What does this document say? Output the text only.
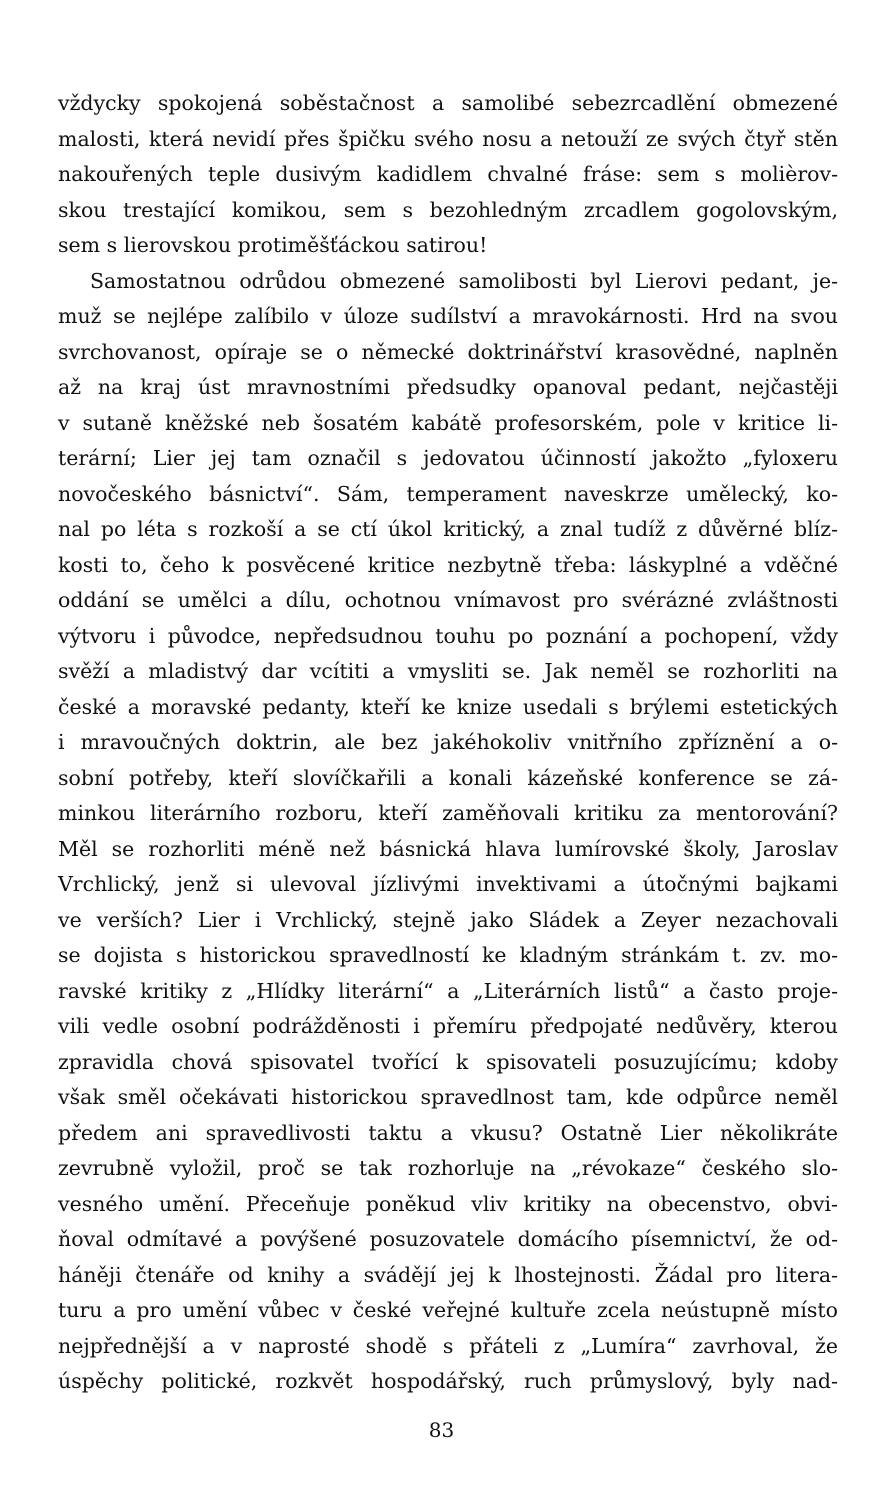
vždycky spokojená soběstačnost a samolibé sebezrcadlění obmezené
malosti, která nevidí přes špičku svého nosu a netouží ze svých čtyř stěn
nakouřených teple dusivým kadidlem chvalné fráse: sem s molièrov-
skou trestající komikou, sem s bezohledným zrcadlem gogolovským,
sem s lierovskou protiměšťáckou satirou!
Samostatnou odrůdou obmezené samolibosti byl Lierovi pedant, je-
muž se nejlépe zalíbilo v úloze sudílství a mravokárnosti. Hrd na svou
svrchovanost, opíraje se o německé doktrinářství krasovědné, naplněn
až na kraj úst mravnostními předsudky opanoval pedant, nejčastěji
v sutaně kněžské neb šosatém kabátě profesorském, pole v kritice li-
terární; Lier jej tam označil s jedovatou účinností jakožto „fyloxeru
novočeského básnictví“. Sám, temperament naveskrze umělecký, ko-
nal po léta s rozkoší a se ctí úkol kritický, a znal tudíž z důvěrné blíz-
kosti to, čeho k posvěcené kritice nezbytně třeba: láskyplné a vděčné
oddání se umělci a dílu, ochotnou vnímavost pro svérázné zvláštnosti
výtvoru i původce, nepředsudnou touhu po poznání a pochopení, vždy
svěží a mladistvý dar vcítiti a vmysliti se. Jak neměl se rozhorliti na
české a moravské pedanty, kteří ke knize usedali s brýlemi estetických
i mravoučných doktrin, ale bez jakéhokoliv vnitřního zpříznění a o-
sobní potřeby, kteří slovíčkařili a konali kázeňské konference se zá-
minkou literárního rozboru, kteří zaměňovali kritiku za mentorování?
Měl se rozhorliti méně než básnická hlava lumírovské školy, Jaroslav
Vrchlický, jenž si ulevoval jízlivými invektivami a útočnými bajkami
ve verších? Lier i Vrchlický, stejně jako Sládek a Zeyer nezachovali
se dojista s historickou spravedlností ke kladným stránkám t. zv. mo-
ravské kritiky z „Hlídky literární“ a „Literárních listů“ a často proje-
vili vedle osobní podrážděnosti i přemíru předpojaté nedůvěry, kterou
zpravidla chová spisovatel tvořící k spisovateli posuzujícímu; kdoby
však směl očekávati historickou spravedlnost tam, kde odpůrce neměl
předem ani spravedlivosti taktu a vkusu? Ostatně Lier několikráte
zevrubně vyložil, proč se tak rozhorluje na „révokaze“ českého slo-
vesného umění. Přeceňuje poněkud vliv kritiky na obecenstvo, obvi-
ňoval odmítavé a povýšené posuzovatele domácího písemnictví, že od-
háněji čtenáře od knihy a svádějí jej k lhostejnosti. Žádal pro litera-
turu a pro umění vůbec v české veřejné kultuře zcela neústupně místo
nejpřednější a v naprosté shodě s přáteli z „Lumíra“ zavrhoval, že
úspěchy politické, rozkvět hospodářský, ruch průmyslový, byly nad-
83
